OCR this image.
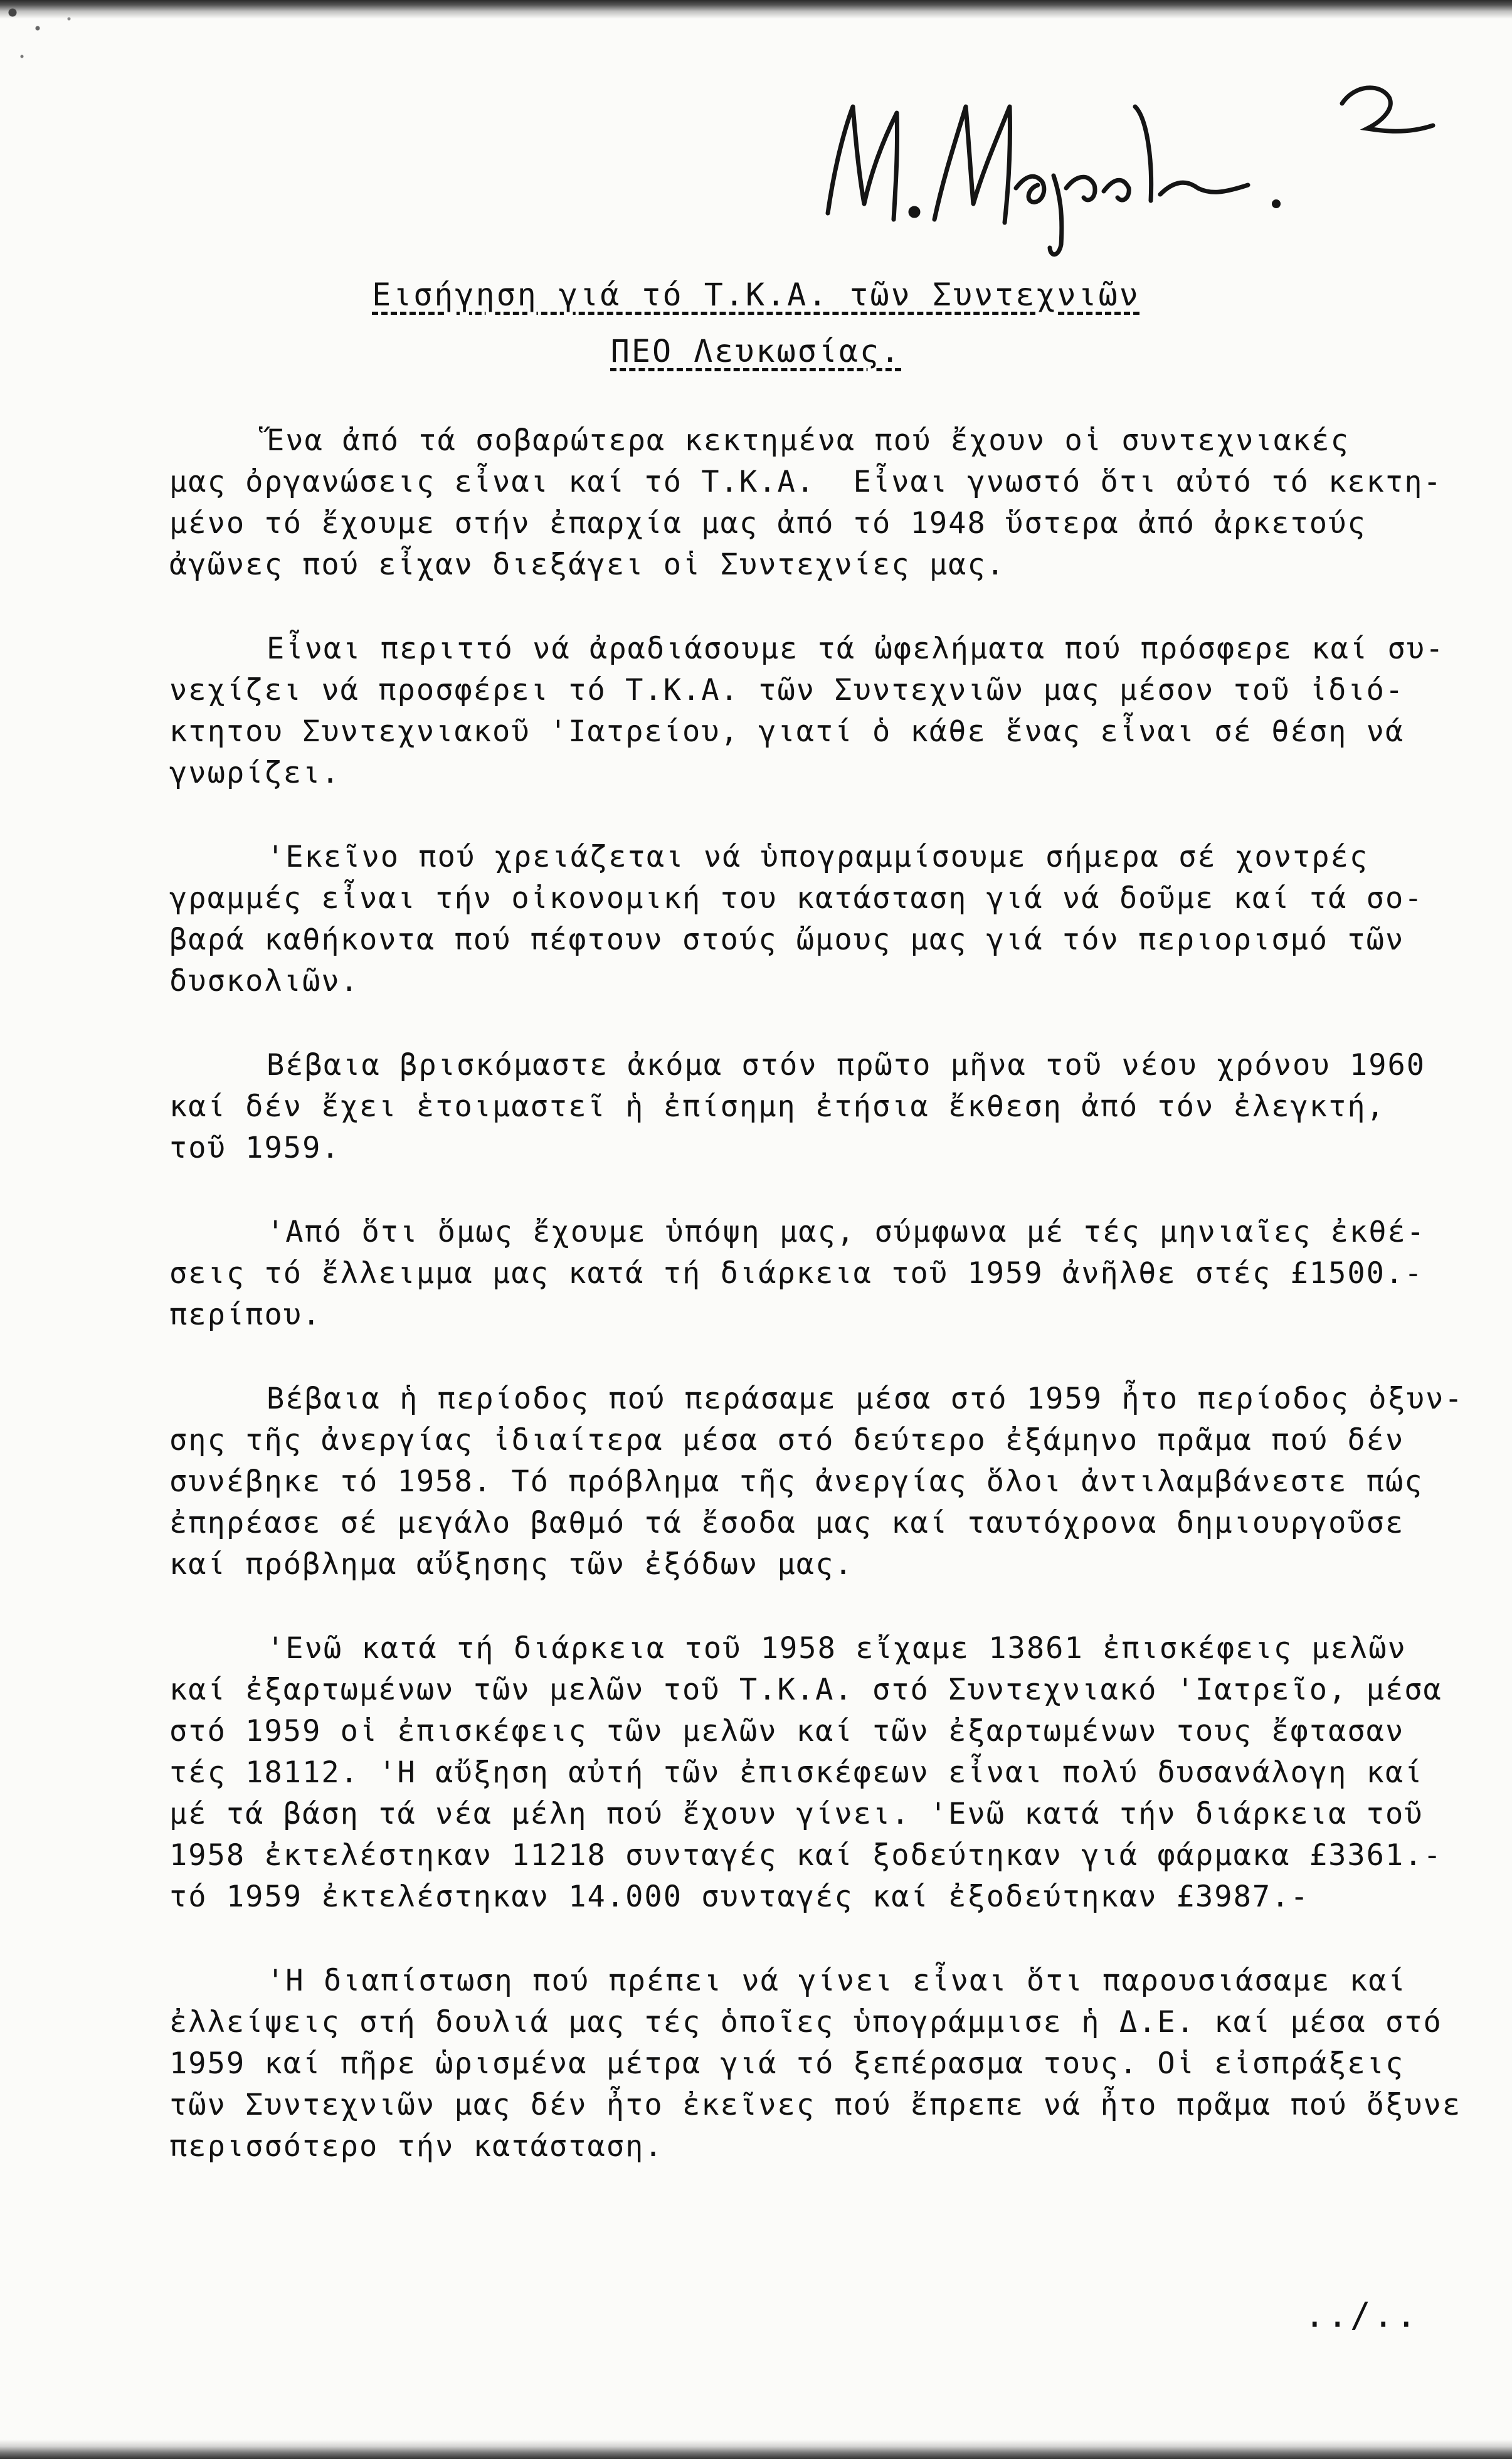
Εισήγηση γιά τό Τ.Κ.Α. τῶν Συντεχνιῶν
ΠΕΟ Λευκωσίας.
Ἕνα ἀπό τά σοβαρώτερα κεκτημένα πού ἔχουν οἱ συντεχνιακές
μας ὀργανώσεις εἶναι καί τό Τ.Κ.Α.  Εἶναι γνωστό ὅτι αὐτό τό κεκτη-
μένο τό ἔχουμε στήν ἐπαρχία μας ἀπό τό 1948 ὕστερα ἀπό ἀρκετούς
ἀγῶνες πού εἶχαν διεξάγει οἱ Συντεχνίες μας.
Εἶναι περιττό νά ἀραδιάσουμε τά ὠφελήματα πού πρόσφερε καί συ-
νεχίζει νά προσφέρει τό Τ.Κ.Α. τῶν Συντεχνιῶν μας μέσον τοῦ ἰδιό-
κτητου Συντεχνιακοῦ 'Ιατρείου, γιατί ὁ κάθε ἕνας εἶναι σέ θέση νά
γνωρίζει.
'Εκεῖνο πού χρειάζεται νά ὑπογραμμίσουμε σήμερα σέ χοντρές
γραμμές εἶναι τήν οἰκονομική του κατάσταση γιά νά δοῦμε καί τά σο-
βαρά καθήκοντα πού πέφτουν στούς ὤμους μας γιά τόν περιορισμό τῶν
δυσκολιῶν.
Βέβαια βρισκόμαστε ἀκόμα στόν πρῶτο μῆνα τοῦ νέου χρόνου 1960
καί δέν ἔχει ἑτοιμαστεῖ ἡ ἐπίσημη ἐτήσια ἔκθεση ἀπό τόν ἐλεγκτή,
τοῦ 1959.
'Από ὅτι ὅμως ἔχουμε ὑπόψη μας, σύμφωνα μέ τές μηνιαῖες ἐκθέ-
σεις τό ἔλλειμμα μας κατά τή διάρκεια τοῦ 1959 ἀνῆλθε στές £1500.-
περίπου.
Βέβαια ἡ περίοδος πού περάσαμε μέσα στό 1959 ἦτο περίοδος ὀξυν-
σης τῆς ἀνεργίας ἰδιαίτερα μέσα στό δεύτερο ἐξάμηνο πρᾶμα πού δέν
συνέβηκε τό 1958. Τό πρόβλημα τῆς ἀνεργίας ὅλοι ἀντιλαμβάνεστε πώς
ἐπηρέασε σέ μεγάλο βαθμό τά ἔσοδα μας καί ταυτόχρονα δημιουργοῦσε
καί πρόβλημα αὔξησης τῶν ἐξόδων μας.
'Ενῶ κατά τή διάρκεια τοῦ 1958 εἴχαμε 13861 ἐπισκέφεις μελῶν
καί ἐξαρτωμένων τῶν μελῶν τοῦ Τ.Κ.Α. στό Συντεχνιακό 'Ιατρεῖο, μέσα
στό 1959 οἱ ἐπισκέφεις τῶν μελῶν καί τῶν ἐξαρτωμένων τους ἔφτασαν
τές 18112. 'Η αὔξηση αὐτή τῶν ἐπισκέφεων εἶναι πολύ δυσανάλογη καί
μέ τά βάση τά νέα μέλη πού ἔχουν γίνει. 'Ενῶ κατά τήν διάρκεια τοῦ
1958 ἐκτελέστηκαν 11218 συνταγές καί ξοδεύτηκαν γιά φάρμακα £3361.-
τό 1959 ἐκτελέστηκαν 14.000 συνταγές καί ἐξοδεύτηκαν £3987.-
'Η διαπίστωση πού πρέπει νά γίνει εἶναι ὅτι παρουσιάσαμε καί
ἐλλείψεις στή δουλιά μας τές ὁποῖες ὑπογράμμισε ἡ Δ.Ε. καί μέσα στό
1959 καί πῆρε ὡρισμένα μέτρα γιά τό ξεπέρασμα τους. Οἱ εἰσπράξεις
τῶν Συντεχνιῶν μας δέν ἦτο ἐκεῖνες πού ἔπρεπε νά ἦτο πρᾶμα πού ὄξυνε
περισσότερο τήν κατάσταση.
../..
